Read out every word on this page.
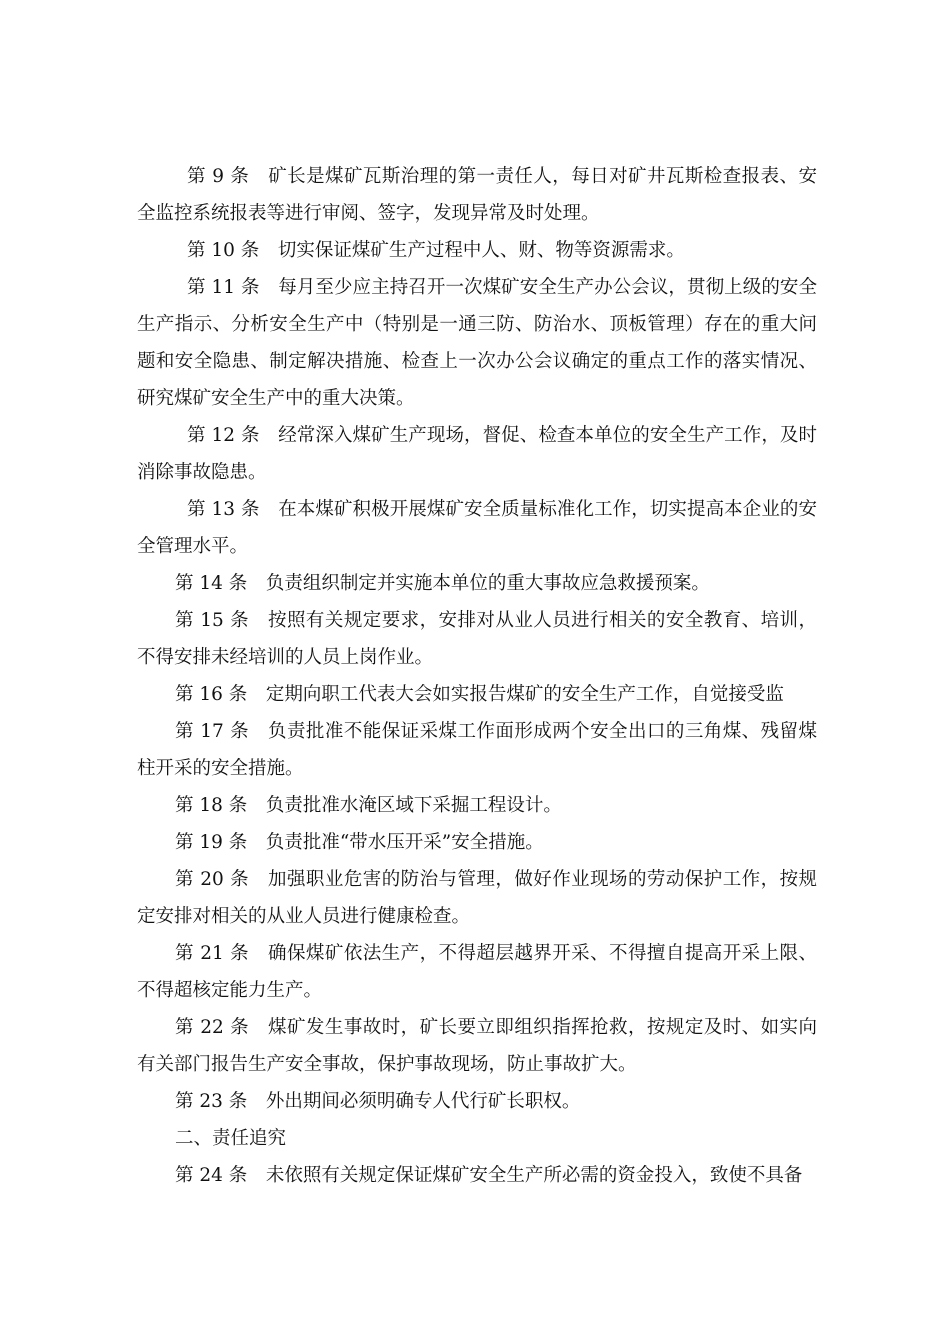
第 9 条　 矿长是煤矿瓦斯治理的第一责任人，每日对矿井瓦斯检查报表、安全监控系统报表等进行审阅、签字，发现异常及时处理。

第 10 条　 切实保证煤矿生产过程中人、财、物等资源需求。

第 11 条　 每月至少应主持召开一次煤矿安全生产办公会议，贯彻上级的安全生产指示、分析安全生产中（特别是一通三防、防治水、顶板管理）存在的重大问题和安全隐患、制定解决措施、检查上一次办公会议确定的重点工作的落实情况、研究煤矿安全生产中的重大决策。

第 12 条　 经常深入煤矿生产现场，督促、检查本单位的安全生产工作，及时消除事故隐患。

第 13 条　 在本煤矿积极开展煤矿安全质量标准化工作，切实提高本企业的安全管理水平。

第 14 条　 负责组织制定并实施本单位的重大事故应急救援预案。

第 15 条　 按照有关规定要求，安排对从业人员进行相关的安全教育、培训，不得安排未经培训的人员上岗作业。

第 16 条　 定期向职工代表大会如实报告煤矿的安全生产工作，自觉接受监

第 17 条　 负责批准不能保证采煤工作面形成两个安全出口的三角煤、残留煤柱开采的安全措施。

第 18 条　 负责批准水淹区域下采掘工程设计。

第 19 条　 负责批准“带水压开采”安全措施。

第 20 条　 加强职业危害的防治与管理，做好作业现场的劳动保护工作，按规定安排对相关的从业人员进行健康检查。

第 21 条　 确保煤矿依法生产，不得超层越界开采、不得擅自提高开采上限、不得超核定能力生产。

第 22 条　 煤矿发生事故时，矿长要立即组织指挥抢救，按规定及时、如实向有关部门报告生产安全事故，保护事故现场，防止事故扩大。

第 23 条　 外出期间必须明确专人代行矿长职权。

二、责任追究

第 24 条　 未依照有关规定保证煤矿安全生产所必需的资金投入，致使不具备
